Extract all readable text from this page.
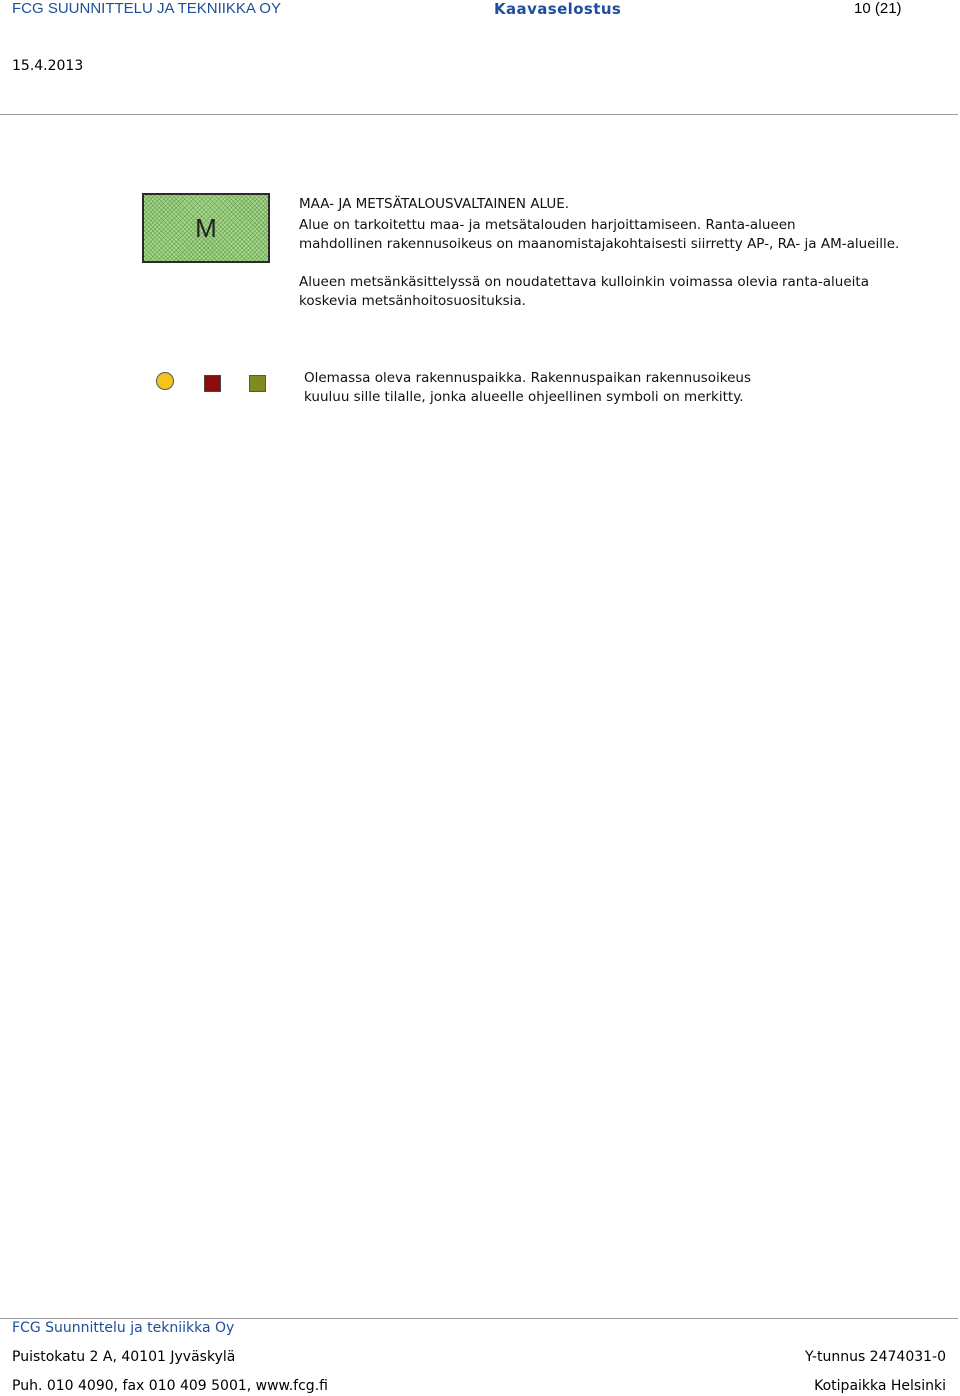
FCG SUUNNITTELU JA TEKNIIKKA OY	Kaavaselostus	10 (21)
15.4.2013
M
MAA- JA METSÄTALOUSVALTAINEN ALUE.
Alue on tarkoitettu maa- ja metsätalouden harjoittamiseen. Ranta-alueen
mahdollinen rakennusoikeus on maanomistajakohtaisesti siirretty AP-, RA- ja AM-alueille.
Alueen metsänkäsittelyssä on noudatettava kulloinkin voimassa olevia ranta-alueita
koskevia metsänhoitosuosituksia.
Olemassa oleva rakennuspaikka. Rakennuspaikan rakennusoikeus
kuuluu sille tilalle, jonka alueelle ohjeellinen symboli on merkitty.
FCG Suunnittelu ja tekniikka Oy
Puistokatu 2 A, 40101 Jyväskylä
Puh. 010 4090, fax 010 409 5001, www.fcg.fi
Y-tunnus 2474031-0
Kotipaikka Helsinki
